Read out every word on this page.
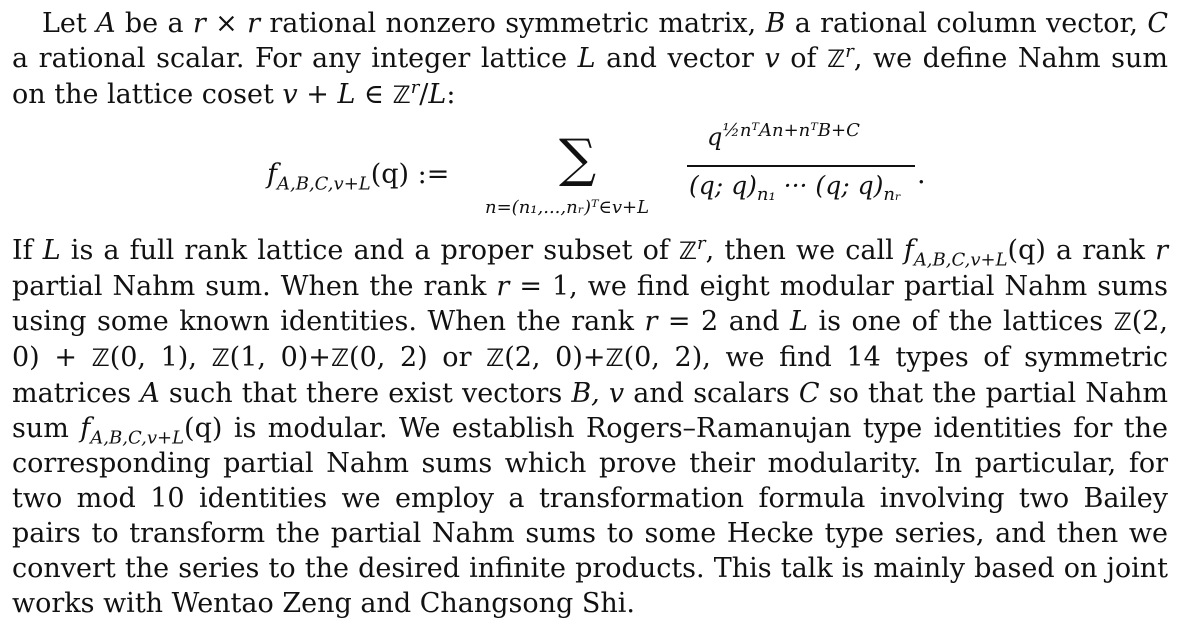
Let A be a r × r rational nonzero symmetric matrix, B a rational column vector, C a rational scalar. For any integer lattice L and vector v of ℤ$^r$, we define Nahm sum on the lattice coset v + L ∈ ℤ$^r$/L:

$f_{A,B,C,v+L}(q)$ := ∑
n=(n₁,...,nᵣ)ᵀ∈v+L
$q^{\frac{1}{2}nᵀAn+nᵀB+C}$
(q; $q)_{n_1}$ ··· (q; $q)_{nᵣ}$
.

If L is a full rank lattice and a proper subset of ℤ$^r$, then we call $f_{A,B,C,v+L}(q)$ a rank r partial Nahm sum. When the rank r = 1, we find eight modular partial Nahm sums using some known identities. When the rank r = 2 and L is one of the lattices ℤ(2, 0) + ℤ(0, 1), ℤ(1, 0)+ℤ(0, 2) or ℤ(2, 0)+ℤ(0, 2), we find 14 types of symmetric matrices A such that there exist vectors B, v and scalars C so that the partial Nahm sum $f_{A,B,C,v+L}(q)$ is modular. We establish Rogers–Ramanujan type identities for the corresponding partial Nahm sums which prove their modularity. In particular, for two mod 10 identities we employ a transformation formula involving two Bailey pairs to transform the partial Nahm sums to some Hecke type series, and then we convert the series to the desired infinite products. This talk is mainly based on joint works with Wentao Zeng and Changsong Shi.
